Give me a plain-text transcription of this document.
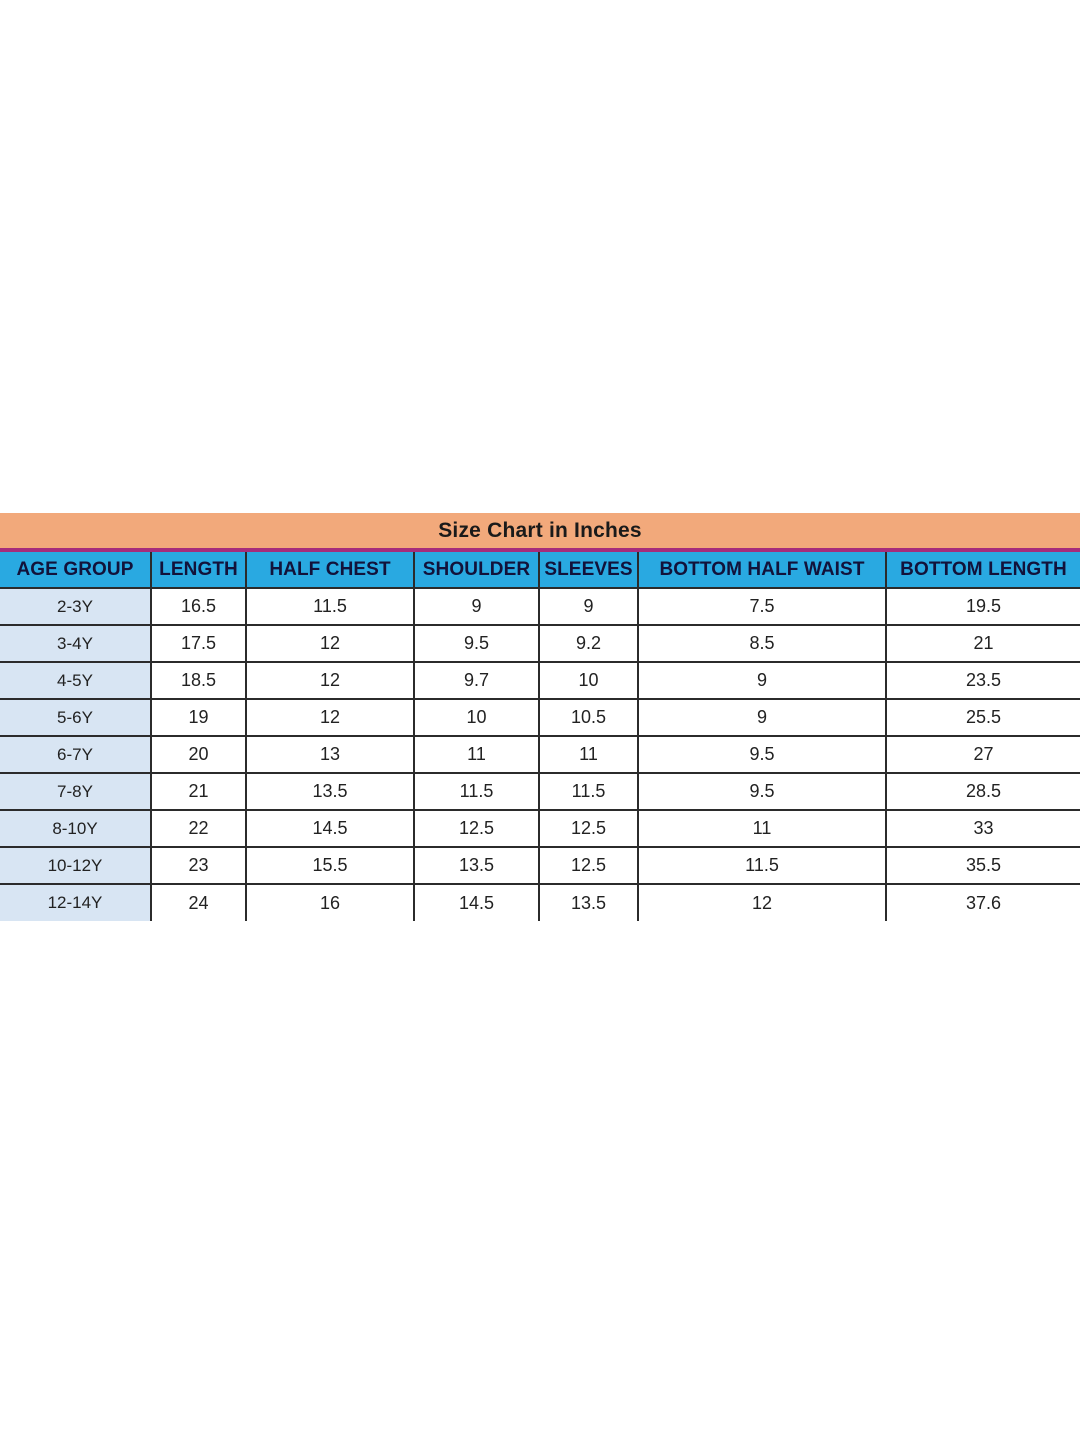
Size Chart in Inches
AGE GROUP	LENGTH	HALF CHEST	SHOULDER	SLEEVES	BOTTOM HALF WAIST	BOTTOM LENGTH
2-3Y	16.5	11.5	9	9	7.5	19.5
3-4Y	17.5	12	9.5	9.2	8.5	21
4-5Y	18.5	12	9.7	10	9	23.5
5-6Y	19	12	10	10.5	9	25.5
6-7Y	20	13	11	11	9.5	27
7-8Y	21	13.5	11.5	11.5	9.5	28.5
8-10Y	22	14.5	12.5	12.5	11	33
10-12Y	23	15.5	13.5	12.5	11.5	35.5
12-14Y	24	16	14.5	13.5	12	37.6
